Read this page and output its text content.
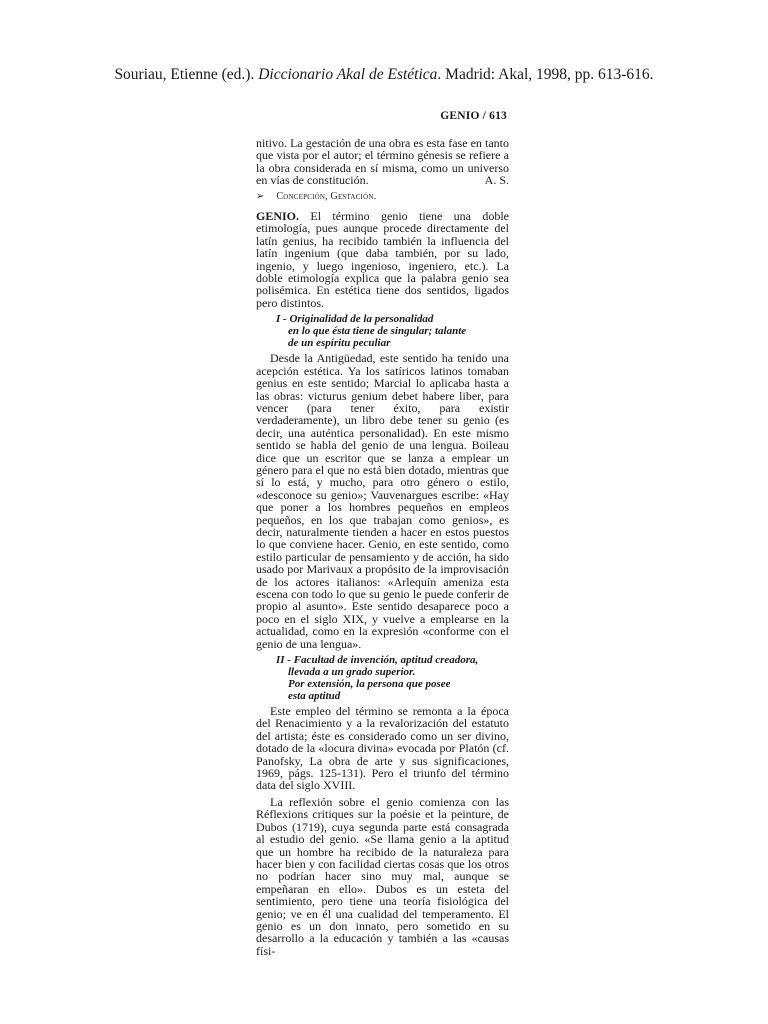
Souriau, Etienne (ed.). Diccionario Akal de Estética. Madrid: Akal, 1998, pp. 613-616.
GENIO / 613

nitivo. La gestación de una obra es esta fase en tanto que vista por el autor; el término génesis se refiere a la obra considerada en sí misma, como un universo en vías de constitución.	A. S.

➢ Concepción, Gestación.

GENIO. El término genio tiene una doble etimología, pues aunque procede directamente del latín genius, ha recibido también la influencia del latín ingenium (que daba también, por su lado, ingenio, y luego ingenioso, ingeniero, etc.). La doble etimología explica que la palabra genio sea polisémica. En estética tiene dos sentidos, ligados pero distintos.

I - Originalidad de la personalidad
en lo que ésta tiene de singular; talante
de un espíritu peculiar

Desde la Antigüedad, este sentido ha tenido una acepción estética. Ya los satíricos latinos tomaban genius en este sentido; Marcial lo aplicaba hasta a las obras: victurus genium debet habere liber, para vencer (para tener éxito, para existir verdaderamente), un libro debe tener su genio (es decir, una auténtica personalidad). En este mismo sentido se habla del genio de una lengua. Boileau dice que un escritor que se lanza a emplear un género para el que no está bien dotado, mientras que sí lo está, y mucho, para otro género o estilo, «desconoce su genio»; Vauvenargues escribe: «Hay que poner a los hombres pequeños en empleos pequeños, en los que trabajan como genios», es decir, naturalmente tienden a hacer en estos puestos lo que conviene hacer. Genio, en este sentido, como estilo particular de pensamiento y de acción, ha sido usado por Marivaux a propósito de la improvisación de los actores italianos: «Arlequín ameniza esta escena con todo lo que su genio le puede conferir de propio al asunto». Este sentido desaparece poco a poco en el siglo XIX, y vuelve a emplearse en la actualidad, como en la expresión «conforme con el genio de una lengua».

II - Facultad de invención, aptitud creadora,
llevada a un grado superior.
Por extensión, la persona que posee
esta aptitud

Este empleo del término se remonta a la época del Renacimiento y a la revalorización del estatuto del artista; éste es considerado como un ser divino, dotado de la «locura divina» evocada por Platón (cf. Panofsky, La obra de arte y sus significaciones, 1969, págs. 125-131). Pero el triunfo del término data del siglo XVIII.

La reflexión sobre el genio comienza con las Réflexions critiques sur la poésie et la peinture, de Dubos (1719), cuya segunda parte está consagrada al estudio del genio. «Se llama genio a la aptitud que un hombre ha recibido de la naturaleza para hacer bien y con facilidad ciertas cosas que los otros no podrían hacer sino muy mal, aunque se empeñaran en ello». Dubos es un esteta del sentimiento, pero tiene una teoría fisiológica del genio; ve en él una cualidad del temperamento. El genio es un don innato, pero sometido en su desarrollo a la educación y también a las «causas físi-
